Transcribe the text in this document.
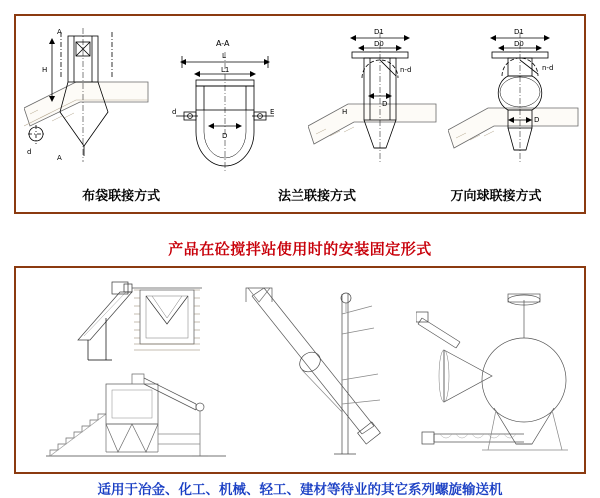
A
A
H
d
A-A
L
L1
D
d	E
D1
D0
n-d
D
H
D1
D0
n-d
D
布袋联接方式	法兰联接方式	万向球联接方式
产品在砼搅拌站使用时的安装固定形式
适用于冶金、化工、机械、轻工、建材等待业的其它系列螺旋输送机
